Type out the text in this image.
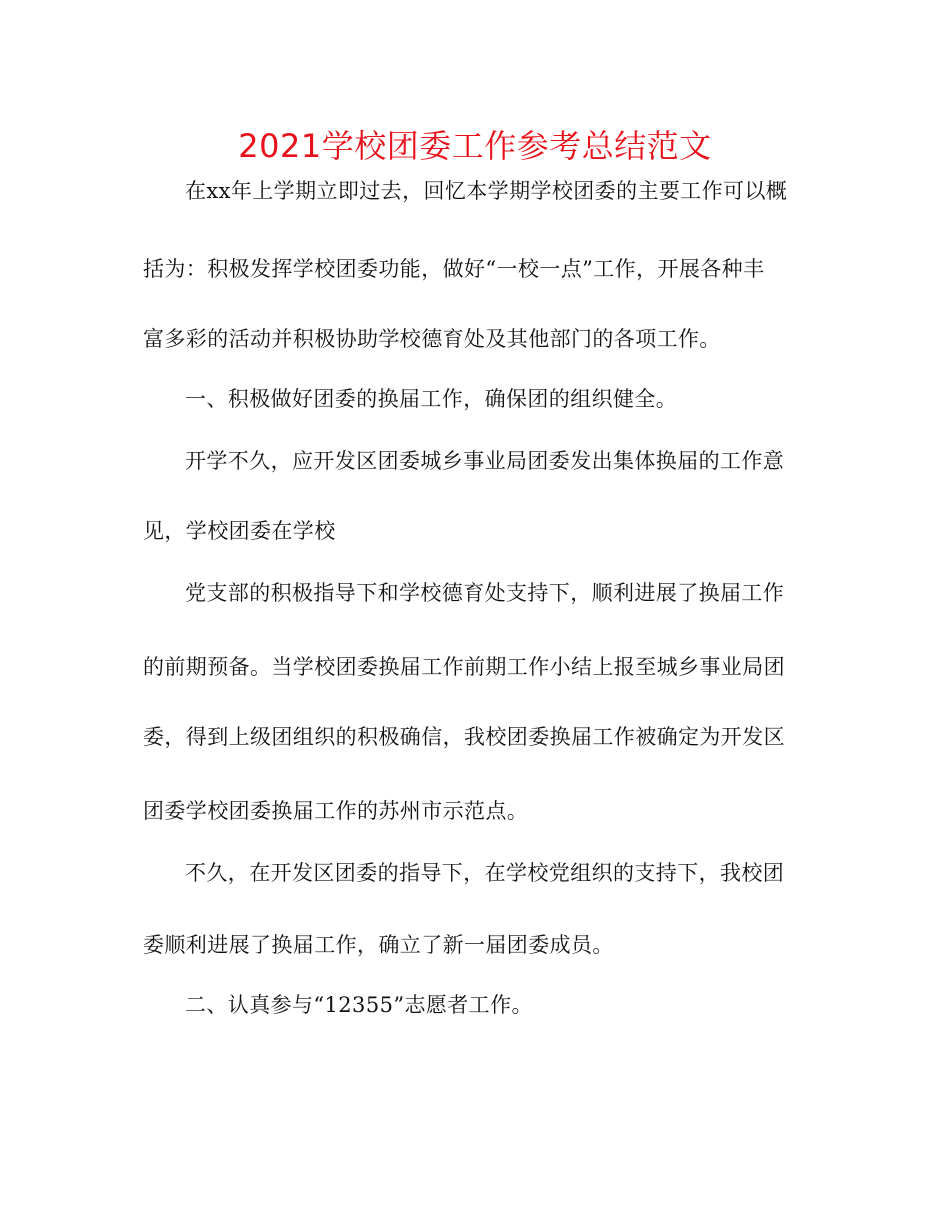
2021学校团委工作参考总结范文

在xx年上学期立即过去，回忆本学期学校团委的主要工作可以概

括为：积极发挥学校团委功能，做好“一校一点”工作，开展各种丰

富多彩的活动并积极协助学校德育处及其他部门的各项工作。

一、积极做好团委的换届工作，确保团的组织健全。

开学不久，应开发区团委城乡事业局团委发出集体换届的工作意

见，学校团委在学校

党支部的积极指导下和学校德育处支持下，顺利进展了换届工作

的前期预备。当学校团委换届工作前期工作小结上报至城乡事业局团

委，得到上级团组织的积极确信，我校团委换届工作被确定为开发区

团委学校团委换届工作的苏州市示范点。

不久，在开发区团委的指导下，在学校党组织的支持下，我校团

委顺利进展了换届工作，确立了新一届团委成员。

二、认真参与“12355”志愿者工作。
